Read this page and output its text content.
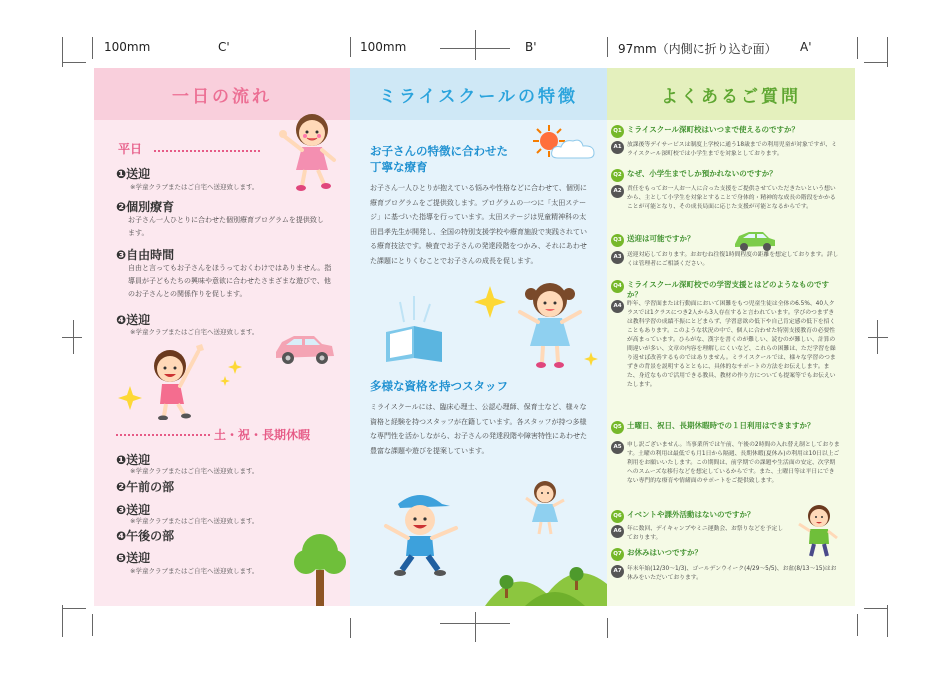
100mm	C'	100mm	B'	97mm（内側に折り込む面） A'
一日の流れ
平日
❶送迎
※学童クラブまたはご自宅へ送迎致します。
❷個別療育
お子さん一人ひとりに合わせた個別療育プログラムを提供致します。
❸自由時間
自由と言ってもお子さんをほうっておくわけではありません。指導員が子どもたちの興味や意欲に合わせたさまざまな遊びで、他のお子さんとの関係作りを促します。
❹送迎
※学童クラブまたはご自宅へ送迎致します。
土・祝・長期休暇
❶送迎
※学童クラブまたはご自宅へ送迎致します。
❷午前の部
❸送迎
※学童クラブまたはご自宅へ送迎致します。
❹午後の部
❺送迎
※学童クラブまたはご自宅へ送迎致します。
ミライスクールの特徴
お子さんの特徴に合わせた
丁寧な療育
お子さん一人ひとりが抱えている悩みや性格などに合わせて、個別に療育プログラムをご提供致します。プログラムの一つに「太田ステージ」に基づいた指導を行っています。太田ステージは児童精神科の太田昌孝先生が開発し、全国の特別支援学校や療育施設で実践されている療育技法です。検査でお子さんの発達段階をつかみ、それにあわせた課題にとりくむことでお子さんの成長を促します。
多様な資格を持つスタッフ
ミライスクールには、臨床心理士、公認心理師、保育士など、様々な資格と経験を持つスタッフが在籍しています。各スタッフが持つ多様な専門性を活かしながら、お子さんの発達段階や障害特性にあわせた豊富な課題や遊びを提案しています。
よくあるご質問
Q1 ミライスクール深町校はいつまで使えるのですか？
A1 放課後等デイサービスは制度上学校に通う18歳までの利用児童が対象ですが、ミライスクール深町校では小学生までを対象としております。
Q2 なぜ、小学生までしか預かれないのですか？
A2 責任をもってお一人お一人に合った支援をご提供させていただきたいという想いから、主として小学生を対象とすることで身体的・精神的な成長の階段をかかることが可能となり、その成長局面に応じた支援が可能となるからです。
Q3 送迎は可能ですか？
A3 送迎対応しております。おおむね往復1時間程度の距離を想定しております。詳しくは管理者にご相談ください。
Q4 ミライスクール深町校での学習支援とはどのようなものですか？
A4 昨年、学習面または行動面において困難をもつ児童生徒は全体の6.5%、40人クラスでは1クラスにつき2人から3人存在すると言われています。学びのつまずきは教科学習の成績不振にとどまらず、学習意欲の低下や自己肯定感の低下を招くこともあります。このような状況の中で、個人に合わせた特別支援教育の必要性が高まっています。ひらがな、漢字を書くのが難しい、読むのが難しい、計算の間違いが多い、文章の内容を理解しにくいなど、これらの困難は、ただ学習を繰り返せば改善するものではありません。ミライスクールでは、様々な学習のつまずきの背景を説明するとともに、具体的なサポートの方法をお伝えします。また、身近なもので活用できる教具、教材の作り方についても提案等でもお伝えいたします。
Q5 土曜日、祝日、長期休暇時での１日利用はできますか？
A5 申し訳ございません。当事業所では午前、午後の2時間の入れ替え制としております。土曜の利用は最低でも月1日から隔週、長期休暇(夏休み)の利用は10日以上ご利用をお願いいたします。この期間は、前学期での課題や生活面の安定、次学期へのスムーズな移行などを想定しているからです。また、土曜日等は平日にできない専門的な療育や情緒面のサポートをご提供致します。
Q6 イベントや課外活動はないのですか？
A6 年に数回、デイキャンプやミニ運動会、お祭りなどを予定しております。
Q7 お休みはいつですか？
A7 年末年始(12/30〜1/3)、ゴールデンウイーク(4/29〜5/5)、お盆(8/13〜15)はお休みをいただいております。
